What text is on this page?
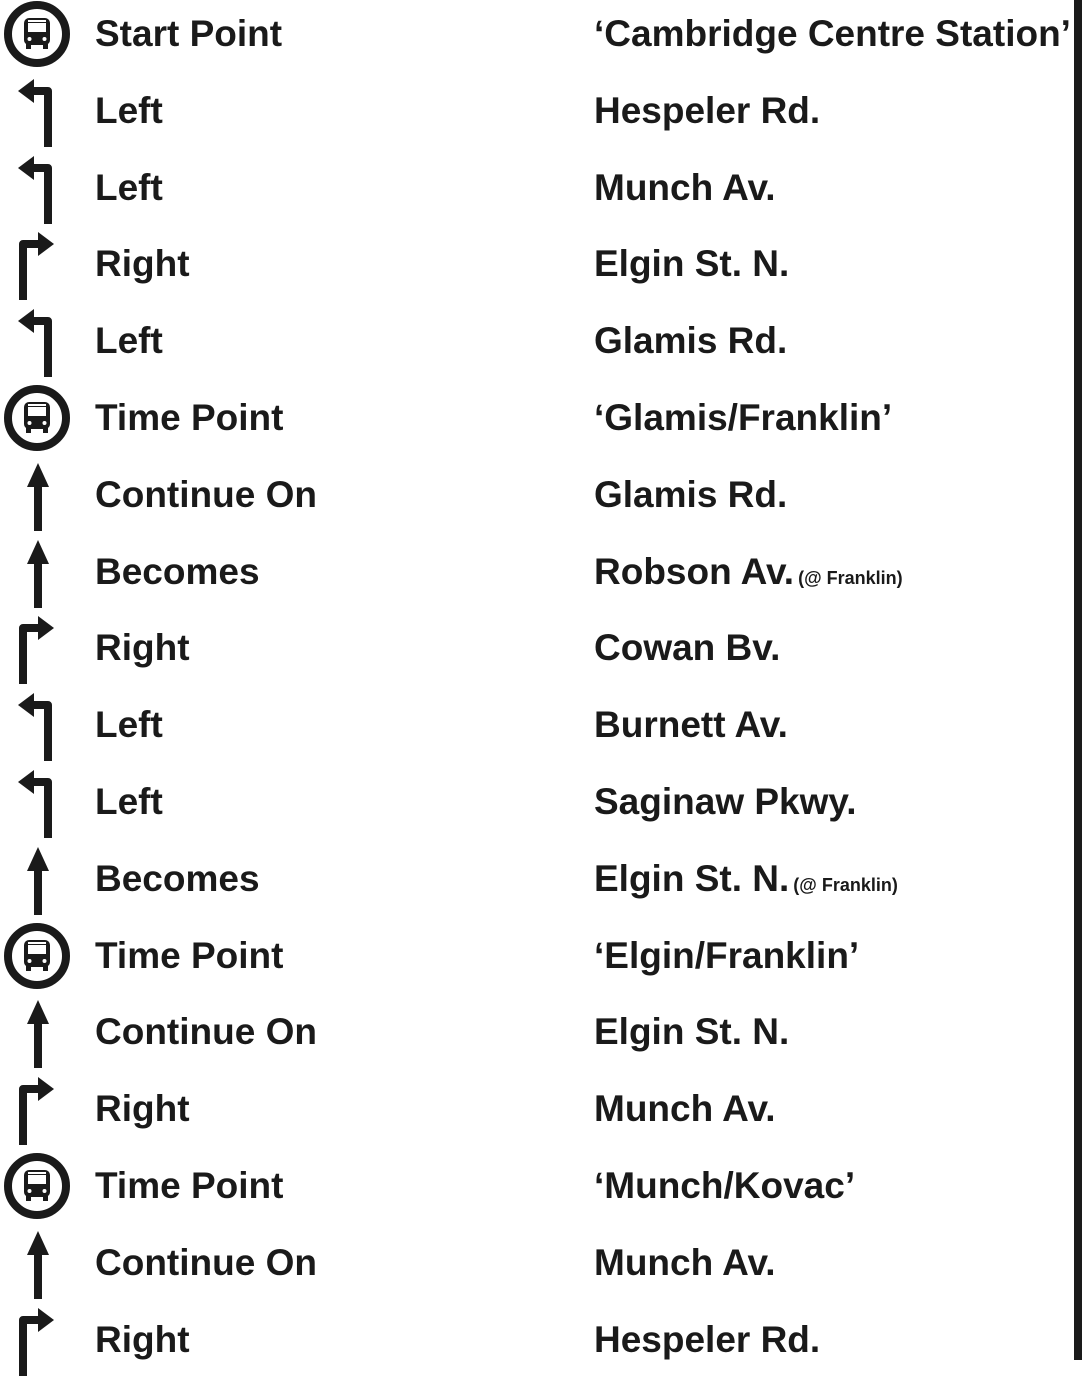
Start Point	‘Cambridge Centre Station’
Left	Hespeler Rd.
Left	Munch Av.
Right	Elgin St. N.
Left	Glamis Rd.
Time Point	‘Glamis/Franklin’
Continue On	Glamis Rd.
Becomes	Robson Av. (@ Franklin)
Right	Cowan Bv.
Left	Burnett Av.
Left	Saginaw Pkwy.
Becomes	Elgin St. N. (@ Franklin)
Time Point	‘Elgin/Franklin’
Continue On	Elgin St. N.
Right	Munch Av.
Time Point	‘Munch/Kovac’
Continue On	Munch Av.
Right	Hespeler Rd.
